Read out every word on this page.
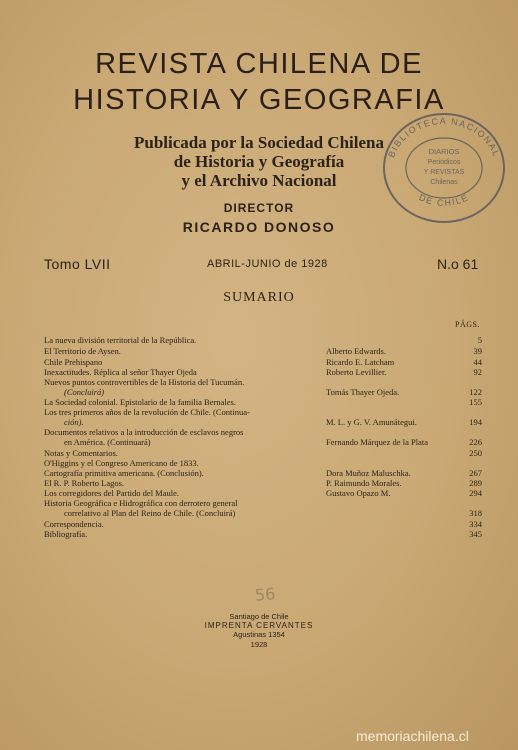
REVISTA CHILENA DE
HISTORIA Y GEOGRAFIA
Publicada por la Sociedad Chilena
de Historia y Geografía
y el Archivo Nacional
DIRECTOR
RICARDO DONOSO
Tomo LVII	ABRIL-JUNIO de 1928	N.o 61
SUMARIO
PÁGS.
La nueva división territorial de la República.
El Territorio de Aysen.
Chile Prehispano
Inexactitudes. Réplica al señor Thayer Ojeda
Nuevos puntos controvertibles de la Historia del Tucumán.
(Concluirá)
La Sociedad colonial. Epistolario de la familia Bernales.
Los tres primeros años de la revolución de Chile. (Continua-
ción).
Documentos relativos a la introducción de esclavos negros
en América. (Continuará)
Notas y Comentarios.
O'Higgins y el Congreso Americano de 1833.
Cartografía primitiva americana. (Conclusión).
El R. P. Roberto Lagos.
Los corregidores del Partido del Maule.
Historia Geográfica e Hidrográfica con derrotero general
correlativo al Plan del Reino de Chile. (Concluirá)
Correspondencia.
Bibliografía.
Alberto Edwards.
Ricardo E. Latcham
Roberto Levillier.
Tomás Thayer Ojeda.
M. L. y G. V. Amunátegui.
Fernando Márquez de la Plata
Dora Muñoz Maluschka.
P. Raimundo Morales.
Gustavo Opazo M.
5
39
44
92
122
155
194
226
250
267
289
294
318
334
345
56
Santiago de Chile
IMPRENTA CERVANTES
Agustinas 1354
1928
BIBLIOTECA NACIONAL
DE CHILE
DIARIOS
Periódicos
Y REVISTAS
Chilenas
memoriachilena.cl
